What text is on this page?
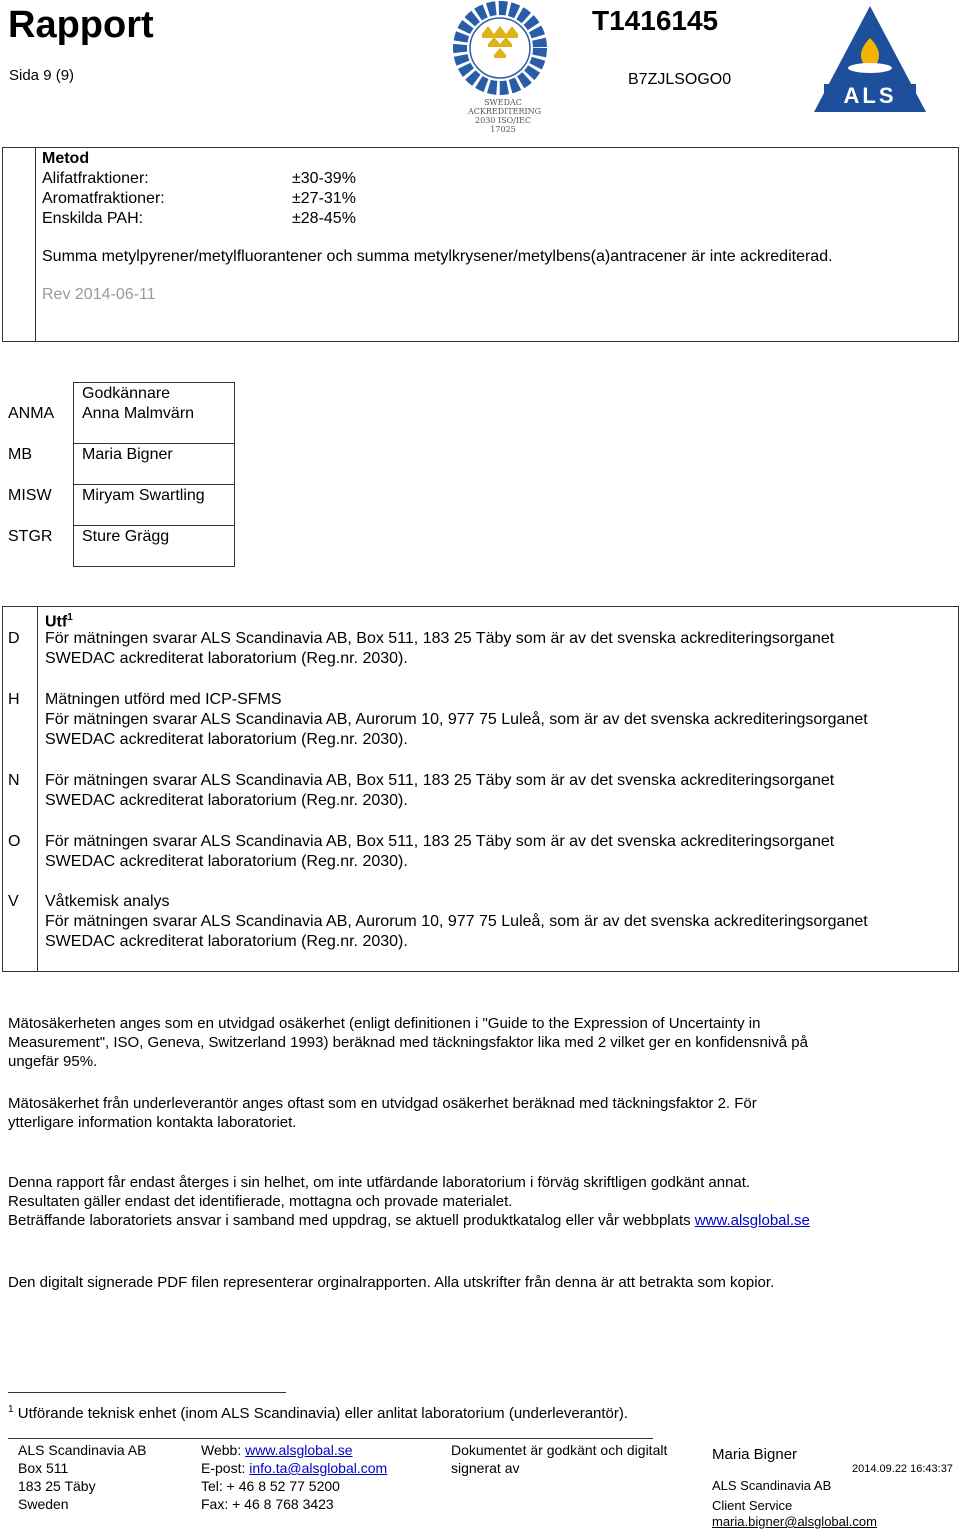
Rapport
Sida 9 (9)
SWEDAC ACKREDITERING 2030 ISO/IEC 17025
T1416145
B7ZJLSOGO0
ALS
Metod
Alifatfraktioner:	±30-39%
Aromatfraktioner:	±27-31%
Enskilda PAH:	±28-45%
Summa metylpyrener/metylfluorantener och summa metylkrysener/metylbens(a)antracener är inte ackrediterad.
Rev 2014-06-11
Godkännare
ANMA Anna Malmvärn
MB	Maria Bigner
MISW Miryam Swartling
STGR Sture Grägg
Utf$^1$
D För mätningen svarar ALS Scandinavia AB, Box 511, 183 25 Täby som är av det svenska ackrediteringsorganet
SWEDAC ackrediterat laboratorium (Reg.nr. 2030).
H Mätningen utförd med ICP-SFMS
För mätningen svarar ALS Scandinavia AB, Aurorum 10, 977 75 Luleå, som är av det svenska ackrediteringsorganet
SWEDAC ackrediterat laboratorium (Reg.nr. 2030).
N För mätningen svarar ALS Scandinavia AB, Box 511, 183 25 Täby som är av det svenska ackrediteringsorganet
SWEDAC ackrediterat laboratorium (Reg.nr. 2030).
O För mätningen svarar ALS Scandinavia AB, Box 511, 183 25 Täby som är av det svenska ackrediteringsorganet
SWEDAC ackrediterat laboratorium (Reg.nr. 2030).
V Våtkemisk analys
För mätningen svarar ALS Scandinavia AB, Aurorum 10, 977 75 Luleå, som är av det svenska ackrediteringsorganet
SWEDAC ackrediterat laboratorium (Reg.nr. 2030).
Mätosäkerheten anges som en utvidgad osäkerhet (enligt definitionen i "Guide to the Expression of Uncertainty in
Measurement", ISO, Geneva, Switzerland 1993) beräknad med täckningsfaktor lika med 2 vilket ger en konfidensnivå på
ungefär 95%.
Mätosäkerhet från underleverantör anges oftast som en utvidgad osäkerhet beräknad med täckningsfaktor 2. För
ytterligare information kontakta laboratoriet.
Denna rapport får endast återges i sin helhet, om inte utfärdande laboratorium i förväg skriftligen godkänt annat.
Resultaten gäller endast det identifierade, mottagna och provade materialet.
Beträffande laboratoriets ansvar i samband med uppdrag, se aktuell produktkatalog eller vår webbplats www.alsglobal.se
Den digitalt signerade PDF filen representerar orginalrapporten. Alla utskrifter från denna är att betrakta som kopior.
$^1$ Utförande teknisk enhet (inom ALS Scandinavia) eller anlitat laboratorium (underleverantör).
ALS Scandinavia AB
Box 511
183 25 Täby
Sweden
Webb: www.alsglobal.se
E-post: info.ta@alsglobal.com
Tel: + 46 8 52 77 5200
Fax: + 46 8 768 3423
Dokumentet är godkänt och digitalt
signerat av
Maria Bigner
2014.09.22 16:43:37
ALS Scandinavia AB
Client Service
maria.bigner@alsglobal.com
